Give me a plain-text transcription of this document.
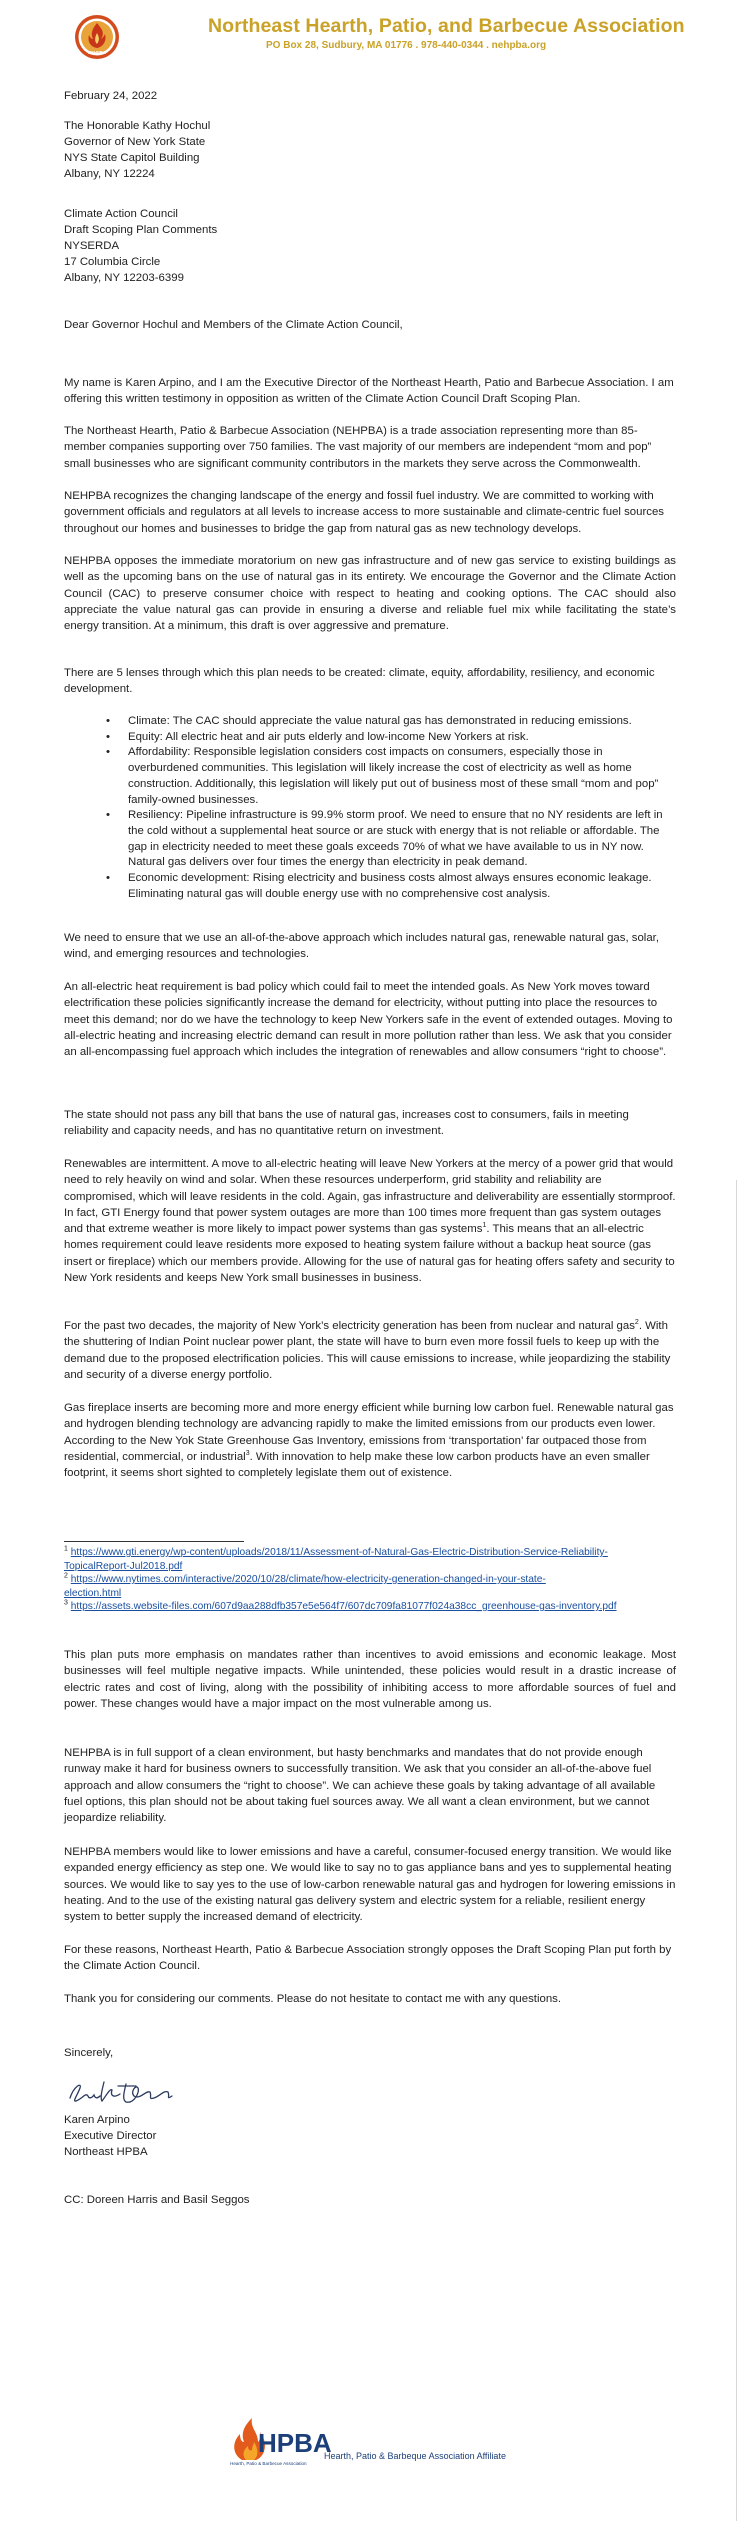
NEHPBA
Northeast Hearth, Patio, and Barbecue Association
PO Box 28, Sudbury, MA 01776 . 978-440-0344 . nehpba.org
February 24, 2022
The Honorable Kathy Hochul
Governor of New York State
NYS State Capitol Building
Albany, NY 12224
Climate Action Council
Draft Scoping Plan Comments
NYSERDA
17 Columbia Circle
Albany, NY 12203-6399
Dear Governor Hochul and Members of the Climate Action Council,

My name is Karen Arpino, and I am the Executive Director of the Northeast Hearth, Patio and Barbecue Association. I am offering this written testimony in opposition as written of the Climate Action Council Draft Scoping Plan.

The Northeast Hearth, Patio & Barbecue Association (NEHPBA) is a trade association representing more than 85-member companies supporting over 750 families. The vast majority of our members are independent “mom and pop” small businesses who are significant community contributors in the markets they serve across the Commonwealth.

NEHPBA recognizes the changing landscape of the energy and fossil fuel industry. We are committed to working with government officials and regulators at all levels to increase access to more sustainable and climate-centric fuel sources throughout our homes and businesses to bridge the gap from natural gas as new technology develops.

NEHPBA opposes the immediate moratorium on new gas infrastructure and of new gas service to existing buildings as well as the upcoming bans on the use of natural gas in its entirety. We encourage the Governor and the Climate Action Council (CAC) to preserve consumer choice with respect to heating and cooking options. The CAC should also appreciate the value natural gas can provide in ensuring a diverse and reliable fuel mix while facilitating the state’s energy transition. At a minimum, this draft is over aggressive and premature.

There are 5 lenses through which this plan needs to be created: climate, equity, affordability, resiliency, and economic development.

• Climate: The CAC should appreciate the value natural gas has demonstrated in reducing emissions.
• Equity: All electric heat and air puts elderly and low-income New Yorkers at risk.
• Affordability: Responsible legislation considers cost impacts on consumers, especially those in overburdened communities. This legislation will likely increase the cost of electricity as well as home construction. Additionally, this legislation will likely put out of business most of these small “mom and pop” family-owned businesses.
• Resiliency: Pipeline infrastructure is 99.9% storm proof. We need to ensure that no NY residents are left in the cold without a supplemental heat source or are stuck with energy that is not reliable or affordable. The gap in electricity needed to meet these goals exceeds 70% of what we have available to us in NY now. Natural gas delivers over four times the energy than electricity in peak demand.
• Economic development: Rising electricity and business costs almost always ensures economic leakage. Eliminating natural gas will double energy use with no comprehensive cost analysis.

We need to ensure that we use an all-of-the-above approach which includes natural gas, renewable natural gas, solar, wind, and emerging resources and technologies.

An all-electric heat requirement is bad policy which could fail to meet the intended goals. As New York moves toward electrification these policies significantly increase the demand for electricity, without putting into place the resources to meet this demand; nor do we have the technology to keep New Yorkers safe in the event of extended outages. Moving to all-electric heating and increasing electric demand can result in more pollution rather than less. We ask that you consider an all-encompassing fuel approach which includes the integration of renewables and allow consumers “right to choose”.

The state should not pass any bill that bans the use of natural gas, increases cost to consumers, fails in meeting reliability and capacity needs, and has no quantitative return on investment.

Renewables are intermittent. A move to all-electric heating will leave New Yorkers at the mercy of a power grid that would need to rely heavily on wind and solar. When these resources underperform, grid stability and reliability are compromised, which will leave residents in the cold. Again, gas infrastructure and deliverability are essentially stormproof. In fact, GTI Energy found that power system outages are more than 100 times more frequent than gas system outages and that extreme weather is more likely to impact power systems than gas systems$^1$. This means that an all-electric homes requirement could leave residents more exposed to heating system failure without a backup heat source (gas insert or fireplace) which our members provide. Allowing for the use of natural gas for heating offers safety and security to New York residents and keeps New York small businesses in business.

For the past two decades, the majority of New York’s electricity generation has been from nuclear and natural gas$^2$. With the shuttering of Indian Point nuclear power plant, the state will have to burn even more fossil fuels to keep up with the demand due to the proposed electrification policies. This will cause emissions to increase, while jeopardizing the stability and security of a diverse energy portfolio.

Gas fireplace inserts are becoming more and more energy efficient while burning low carbon fuel. Renewable natural gas and hydrogen blending technology are advancing rapidly to make the limited emissions from our products even lower. According to the New Yok State Greenhouse Gas Inventory, emissions from ‘transportation’ far outpaced those from residential, commercial, or industrial$^3$. With innovation to help make these low carbon products have an even smaller footprint, it seems short sighted to completely legislate them out of existence.

$^1$ https://www.gti.energy/wp-content/uploads/2018/11/Assessment-of-Natural-Gas-Electric-Distribution-Service-Reliability-
TopicalReport-Jul2018.pdf
$^2$ https://www.nytimes.com/interactive/2020/10/28/climate/how-electricity-generation-changed-in-your-state-
election.html
$^3$ https://assets.website-files.com/607d9aa288dfb357e5e564f7/607dc709fa81077f024a38cc_greenhouse-gas-inventory.pdf

This plan puts more emphasis on mandates rather than incentives to avoid emissions and economic leakage. Most businesses will feel multiple negative impacts. While unintended, these policies would result in a drastic increase of electric rates and cost of living, along with the possibility of inhibiting access to more affordable sources of fuel and power. These changes would have a major impact on the most vulnerable among us.

NEHPBA is in full support of a clean environment, but hasty benchmarks and mandates that do not provide enough runway make it hard for business owners to successfully transition. We ask that you consider an all-of-the-above fuel approach and allow consumers the “right to choose”. We can achieve these goals by taking advantage of all available fuel options, this plan should not be about taking fuel sources away. We all want a clean environment, but we cannot jeopardize reliability.

NEHPBA members would like to lower emissions and have a careful, consumer-focused energy transition. We would like expanded energy efficiency as step one. We would like to say no to gas appliance bans and yes to supplemental heating sources. We would like to say yes to the use of low-carbon renewable natural gas and hydrogen for lowering emissions in heating. And to the use of the existing natural gas delivery system and electric system for a reliable, resilient energy system to better supply the increased demand of electricity.

For these reasons, Northeast Hearth, Patio & Barbecue Association strongly opposes the Draft Scoping Plan put forth by the Climate Action Council.

Thank you for considering our comments. Please do not hesitate to contact me with any questions.

Sincerely,
Karen Arpino
Executive Director
Northeast HPBA
CC: Doreen Harris and Basil Seggos
HPBA
Hearth, Patio & Barbecue Association
Hearth, Patio & Barbeque Association Affiliate
